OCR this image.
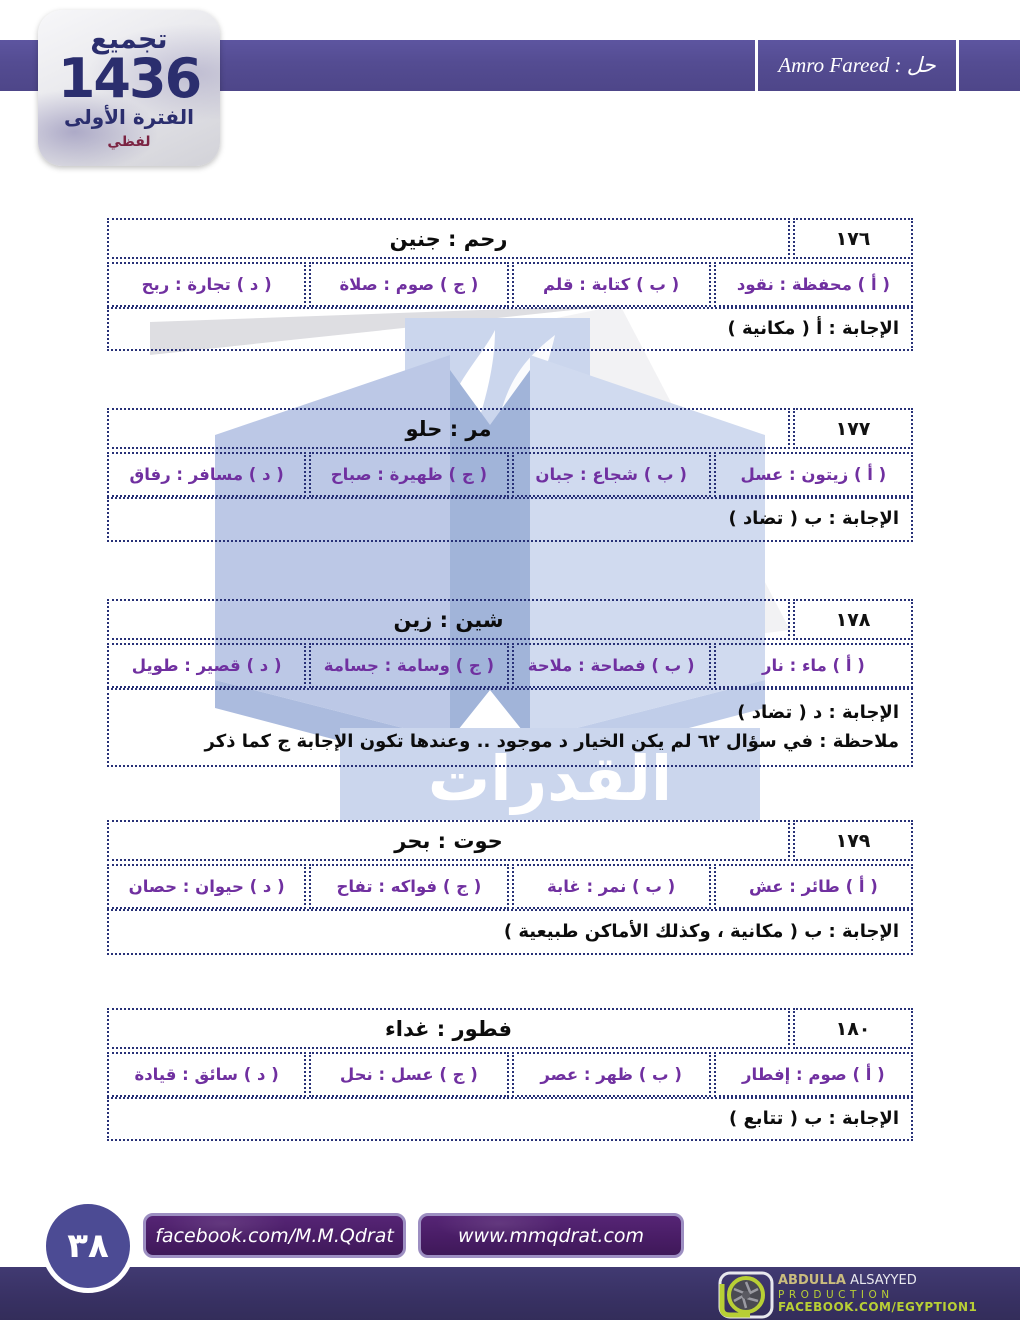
القدرات
Amro Fareed : حل
تجميع
1436
الفترة الأولى
لفظي
١٧٦
رحم : جنين
( أ ) محفظة : نقود
( ب ) كتابة : قلم
( ج ) صوم : صلاة
( د ) تجارة : ربح
الإجابة : أ ( مكانية )
١٧٧
مر : حلو
( أ ) زيتون : عسل
( ب ) شجاع : جبان
( ج ) ظهيرة : صباح
( د ) مسافر : رفاق
الإجابة : ب ( تضاد )
١٧٨
شين : زين
( أ ) ماء : نار
( ب ) فصاحة : ملاحة
( ج ) وسامة : جسامة
( د ) قصير : طويل
الإجابة : د ( تضاد )
ملاحظة : في سؤال ٦٢ لم يكن الخيار د موجود .. وعندها تكون الإجابة ج كما ذكر
١٧٩
حوت : بحر
( أ ) طائر : عش
( ب ) نمر : غابة
( ج ) فواكه : تفاح
( د ) حيوان : حصان
الإجابة : ب ( مكانية ، وكذلك الأماكن طبيعية )
١٨٠
فطور : غداء
( أ ) صوم : إفطار
( ب ) ظهر : عصر
( ج ) عسل : نحل
( د ) سائق : قيادة
الإجابة : ب ( تتابع )
٣٨ facebook.com/M.M.Qdrat	www.mmqdrat.com
ABDULLA ALSAYYED
PRODUCTION
FACEBOOK.COM/EGYPTION1
